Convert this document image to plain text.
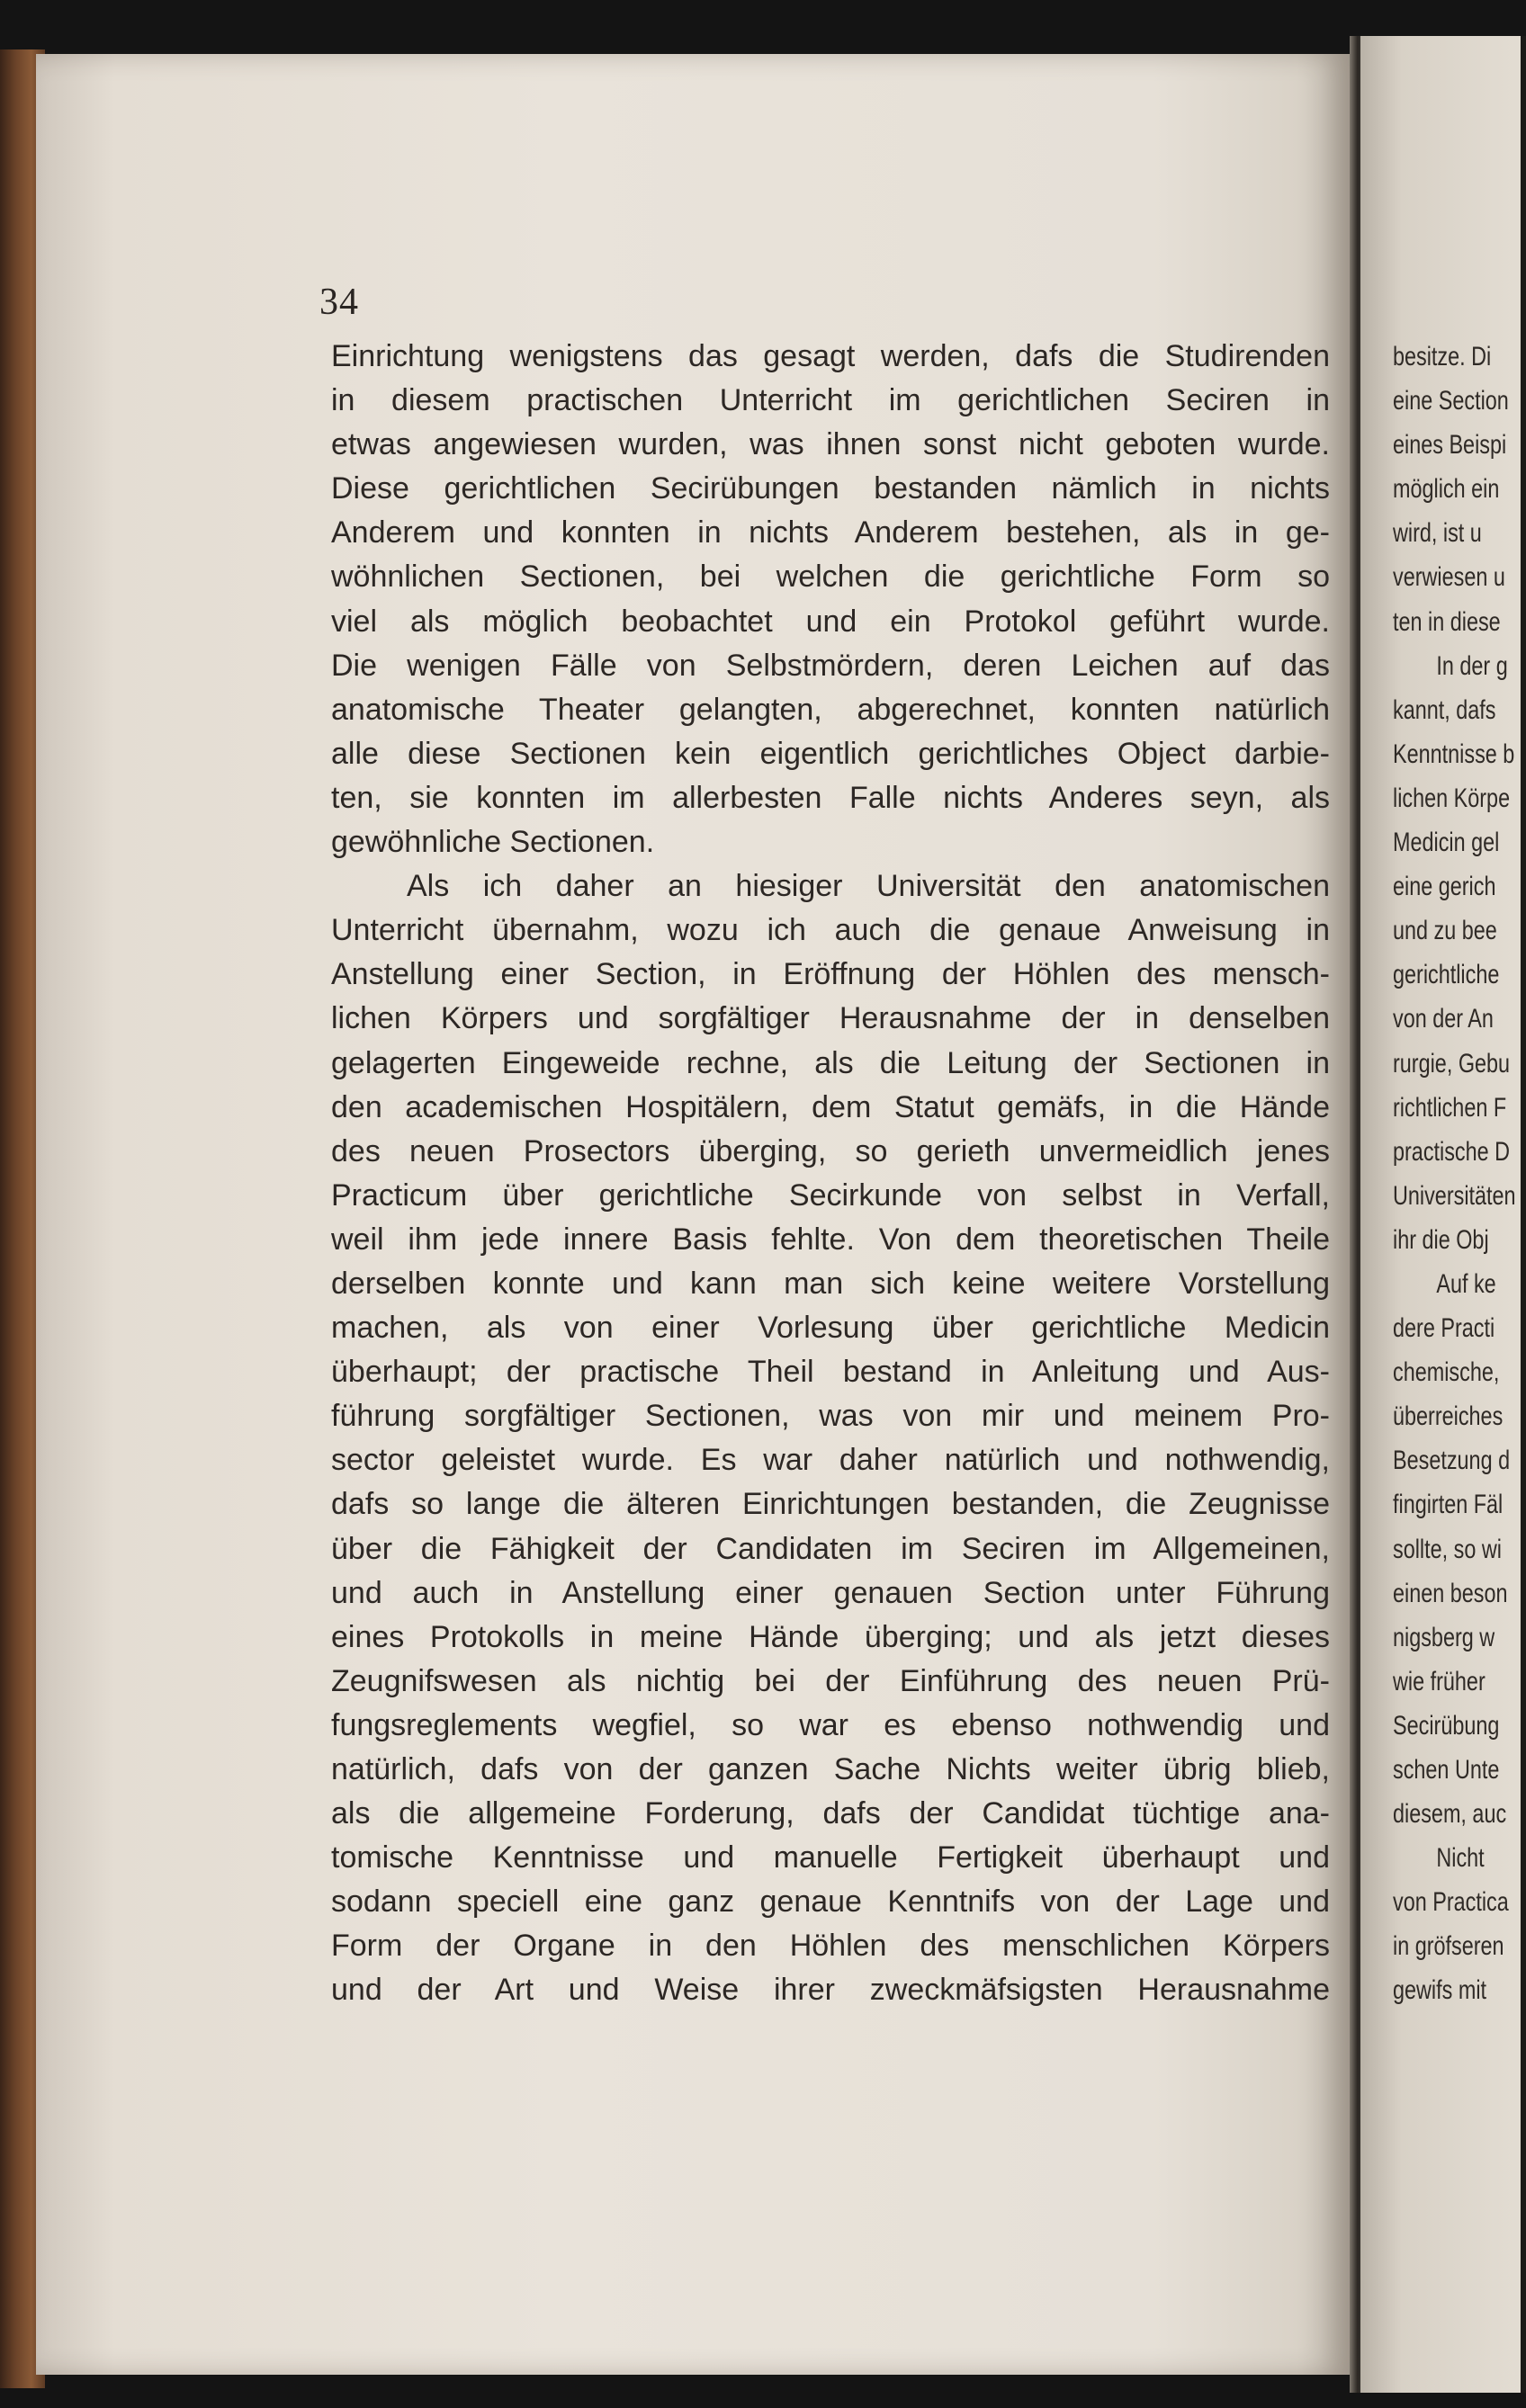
34
Einrichtung wenigstens das gesagt werden, dafs die Studirenden
in diesem practischen Unterricht im gerichtlichen Seciren in
etwas angewiesen wurden, was ihnen sonst nicht geboten wurde.
Diese gerichtlichen Secirübungen bestanden nämlich in nichts
Anderem und konnten in nichts Anderem bestehen, als in ge-
wöhnlichen Sectionen, bei welchen die gerichtliche Form so
viel als möglich beobachtet und ein Protokol geführt wurde.
Die wenigen Fälle von Selbstmördern, deren Leichen auf das
anatomische Theater gelangten, abgerechnet, konnten natürlich
alle diese Sectionen kein eigentlich gerichtliches Object darbie-
ten, sie konnten im allerbesten Falle nichts Anderes seyn, als
gewöhnliche Sectionen.
Als ich daher an hiesiger Universität den anatomischen
Unterricht übernahm, wozu ich auch die genaue Anweisung in
Anstellung einer Section, in Eröffnung der Höhlen des mensch-
lichen Körpers und sorgfältiger Herausnahme der in denselben
gelagerten Eingeweide rechne, als die Leitung der Sectionen in
den academischen Hospitälern, dem Statut gemäfs, in die Hände
des neuen Prosectors überging, so gerieth unvermeidlich jenes
Practicum über gerichtliche Secirkunde von selbst in Verfall,
weil ihm jede innere Basis fehlte. Von dem theoretischen Theile
derselben konnte und kann man sich keine weitere Vorstellung
machen, als von einer Vorlesung über gerichtliche Medicin
überhaupt; der practische Theil bestand in Anleitung und Aus-
führung sorgfältiger Sectionen, was von mir und meinem Pro-
sector geleistet wurde. Es war daher natürlich und nothwendig,
dafs so lange die älteren Einrichtungen bestanden, die Zeugnisse
über die Fähigkeit der Candidaten im Seciren im Allgemeinen,
und auch in Anstellung einer genauen Section unter Führung
eines Protokolls in meine Hände überging; und als jetzt dieses
Zeugnifswesen als nichtig bei der Einführung des neuen Prü-
fungsreglements wegfiel, so war es ebenso nothwendig und
natürlich, dafs von der ganzen Sache Nichts weiter übrig blieb,
als die allgemeine Forderung, dafs der Candidat tüchtige ana-
tomische Kenntnisse und manuelle Fertigkeit überhaupt und
sodann speciell eine ganz genaue Kenntnifs von der Lage und
Form der Organe in den Höhlen des menschlichen Körpers
und der Art und Weise ihrer zweckmäfsigsten Herausnahme
besitze. Di
eine Section
eines Beispi
möglich ein
wird, ist u
verwiesen u
ten in diese
In der g
kannt, dafs
Kenntnisse b
lichen Körpe
Medicin gel
eine gerich
und zu bee
gerichtliche
von der An
rurgie, Gebu
richtlichen F
practische D
Universitäten
ihr die Obj
Auf ke
dere Practi
chemische,
überreiches
Besetzung d
fingirten Fäl
sollte, so wi
einen beson
nigsberg w
wie früher
Secirübung
schen Unte
diesem, auc
Nicht
von Practica
in gröfseren
gewifs mit
